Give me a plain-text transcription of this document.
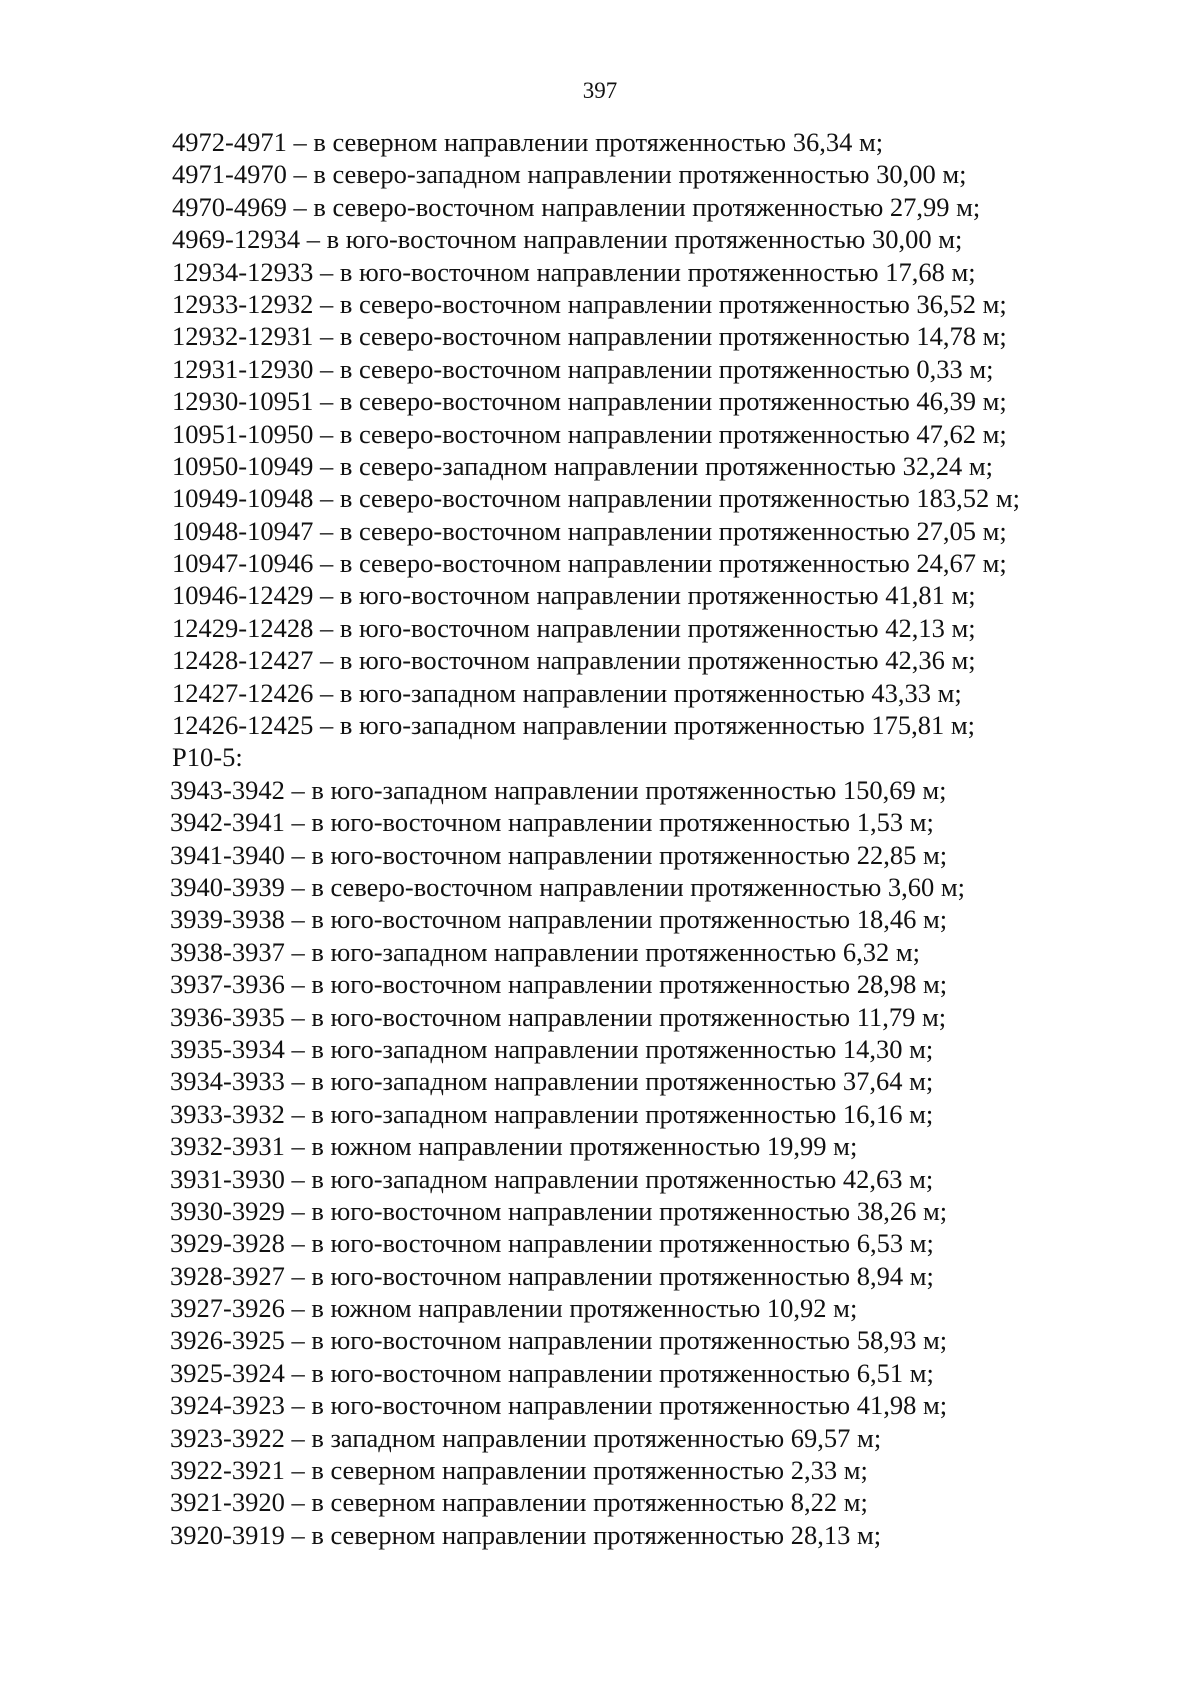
397
4972-4971 – в северном направлении протяженностью 36,34 м;
4971-4970 – в северо-западном направлении протяженностью 30,00 м;
4970-4969 – в северо-восточном направлении протяженностью 27,99 м;
4969-12934 – в юго-восточном направлении протяженностью 30,00 м;
12934-12933 – в юго-восточном направлении протяженностью 17,68 м;
12933-12932 – в северо-восточном направлении протяженностью 36,52 м;
12932-12931 – в северо-восточном направлении протяженностью 14,78 м;
12931-12930 – в северо-восточном направлении протяженностью 0,33 м;
12930-10951 – в северо-восточном направлении протяженностью 46,39 м;
10951-10950 – в северо-восточном направлении протяженностью 47,62 м;
10950-10949 – в северо-западном направлении протяженностью 32,24 м;
10949-10948 – в северо-восточном направлении протяженностью 183,52 м;
10948-10947 – в северо-восточном направлении протяженностью 27,05 м;
10947-10946 – в северо-восточном направлении протяженностью 24,67 м;
10946-12429 – в юго-восточном направлении протяженностью 41,81 м;
12429-12428 – в юго-восточном направлении протяженностью 42,13 м;
12428-12427 – в юго-восточном направлении протяженностью 42,36 м;
12427-12426 – в юго-западном направлении протяженностью 43,33 м;
12426-12425 – в юго-западном направлении протяженностью 175,81 м;
Р10-5:
3943-3942 – в юго-западном направлении протяженностью 150,69 м;
3942-3941 – в юго-восточном направлении протяженностью 1,53 м;
3941-3940 – в юго-восточном направлении протяженностью 22,85 м;
3940-3939 – в северо-восточном направлении протяженностью 3,60 м;
3939-3938 – в юго-восточном направлении протяженностью 18,46 м;
3938-3937 – в юго-западном направлении протяженностью 6,32 м;
3937-3936 – в юго-восточном направлении протяженностью 28,98 м;
3936-3935 – в юго-восточном направлении протяженностью 11,79 м;
3935-3934 – в юго-западном направлении протяженностью 14,30 м;
3934-3933 – в юго-западном направлении протяженностью 37,64 м;
3933-3932 – в юго-западном направлении протяженностью 16,16 м;
3932-3931 – в южном направлении протяженностью 19,99 м;
3931-3930 – в юго-западном направлении протяженностью 42,63 м;
3930-3929 – в юго-восточном направлении протяженностью 38,26 м;
3929-3928 – в юго-восточном направлении протяженностью 6,53 м;
3928-3927 – в юго-восточном направлении протяженностью 8,94 м;
3927-3926 – в южном направлении протяженностью 10,92 м;
3926-3925 – в юго-восточном направлении протяженностью 58,93 м;
3925-3924 – в юго-восточном направлении протяженностью 6,51 м;
3924-3923 – в юго-восточном направлении протяженностью 41,98 м;
3923-3922 – в западном направлении протяженностью 69,57 м;
3922-3921 – в северном направлении протяженностью 2,33 м;
3921-3920 – в северном направлении протяженностью 8,22 м;
3920-3919 – в северном направлении протяженностью 28,13 м;
